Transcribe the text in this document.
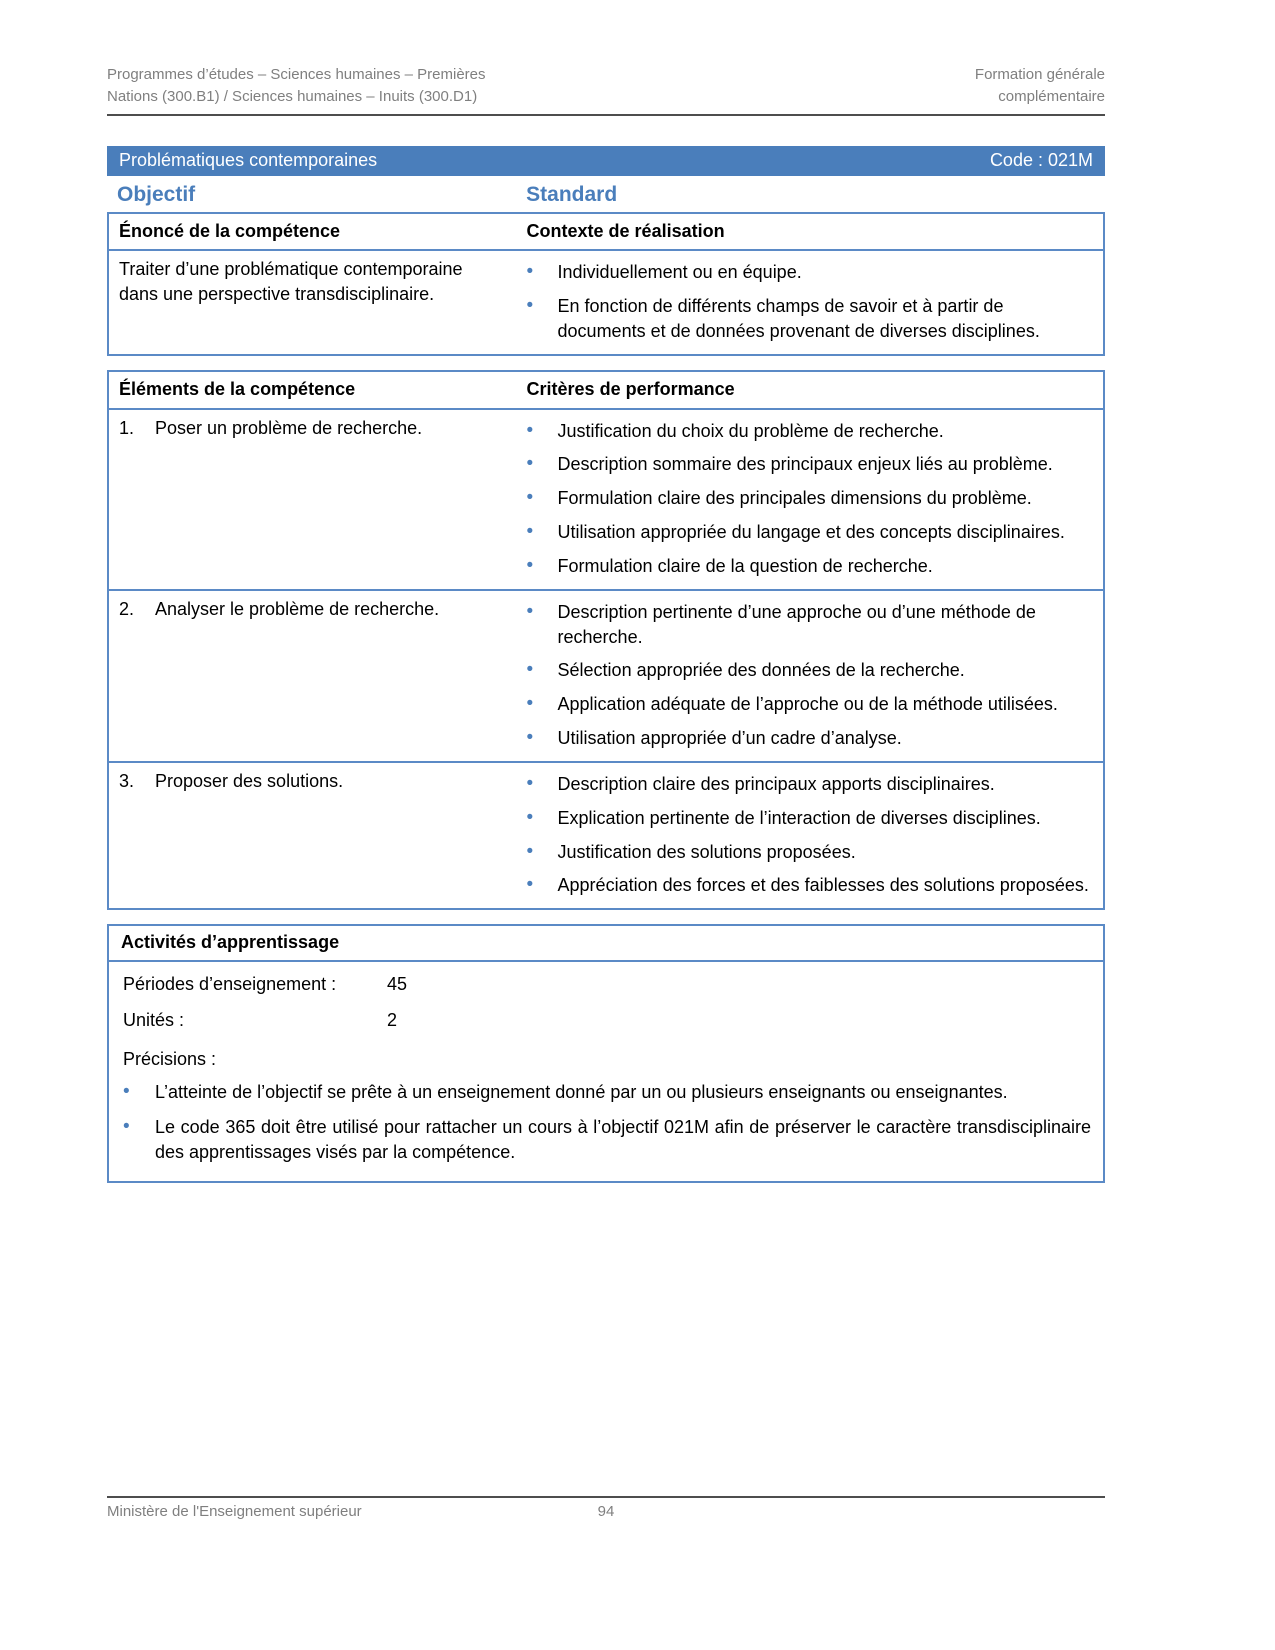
Programmes d’études – Sciences humaines – Premières
Nations (300.B1) / Sciences humaines – Inuits (300.D1)
Formation générale
complémentaire
Problématiques contemporaines	Code : 021M
Objectif	Standard
Énoncé de la compétence	Contexte de réalisation
Traiter d’une problématique contemporaine dans une perspective transdisciplinaire.
•	Individuellement ou en équipe.
•	En fonction de différents champs de savoir et à partir de documents et de données provenant de diverses disciplines.
Éléments de la compétence	Critères de performance
1.	Poser un problème de recherche.	•	Justification du choix du problème de recherche.
•	Description sommaire des principaux enjeux liés au problème.
•	Formulation claire des principales dimensions du problème.
•	Utilisation appropriée du langage et des concepts disciplinaires.
•	Formulation claire de la question de recherche.
2.	Analyser le problème de recherche.	•	Description pertinente d’une approche ou d’une méthode de recherche.
•	Sélection appropriée des données de la recherche.
•	Application adéquate de l’approche ou de la méthode utilisées.
•	Utilisation appropriée d’un cadre d’analyse.
3.	Proposer des solutions.	•	Description claire des principaux apports disciplinaires.
•	Explication pertinente de l’interaction de diverses disciplines.
•	Justification des solutions proposées.
•	Appréciation des forces et des faiblesses des solutions proposées.
Activités d’apprentissage
Périodes d’enseignement :	45
Unités :	2
Précisions :
•	L’atteinte de l’objectif se prête à un enseignement donné par un ou plusieurs enseignants ou enseignantes.
•	Le code 365 doit être utilisé pour rattacher un cours à l’objectif 021M afin de préserver le caractère transdisciplinaire des apprentissages visés par la compétence.
Ministère de l'Enseignement supérieur	94
